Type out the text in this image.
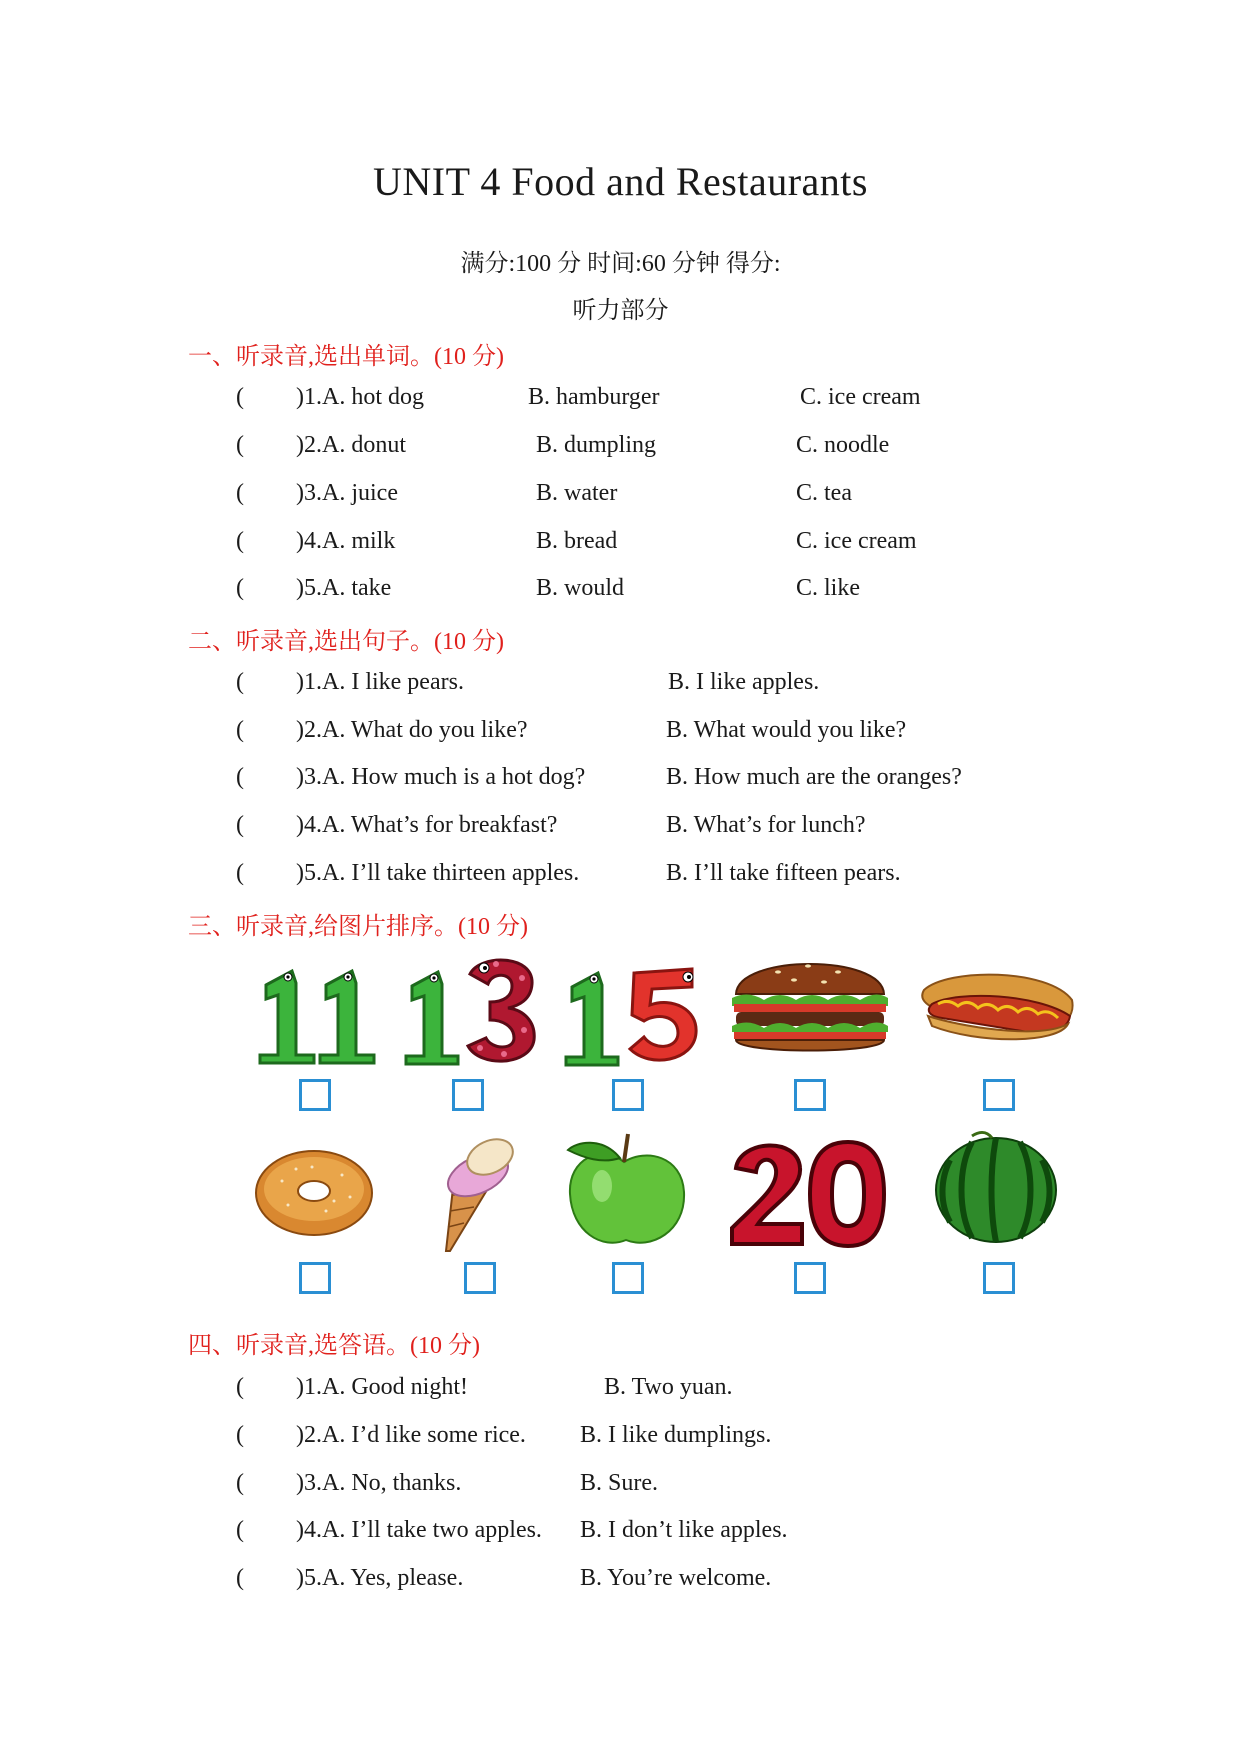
UNIT 4 Food and Restaurants
满分:100 分 时间:60 分钟 得分:
听力部分
一、听录音,选出单词。(10 分)
( )1.A. hot dog	B. hamburger	C. ice cream
( )2.A. donut	B. dumpling	C. noodle
( )3.A. juice	B. water	C. tea
( )4.A. milk	B. bread	C. ice cream
( )5.A. take	B. would	C. like
二、听录音,选出句子。(10 分)
( )1.A. I like pears.	B. I like apples.
( )2.A. What do you like?	B. What would you like?
( )3.A. How much is a hot dog?	B. How much are the oranges?
( )4.A. What’s for breakfast?	B. What’s for lunch?
( )5.A. I’ll take thirteen apples.	B. I’ll take fifteen pears.
三、听录音,给图片排序。(10 分)
11
13
15
20
四、听录音,选答语。(10 分)
( )1.A. Good night!	B. Two yuan.
( )2.A. I’d like some rice. B. I like dumplings.
( )3.A. No, thanks.	B. Sure.
( )4.A. I’ll take two apples. B. I don’t like apples.
( )5.A. Yes, please.	B. You’re welcome.
